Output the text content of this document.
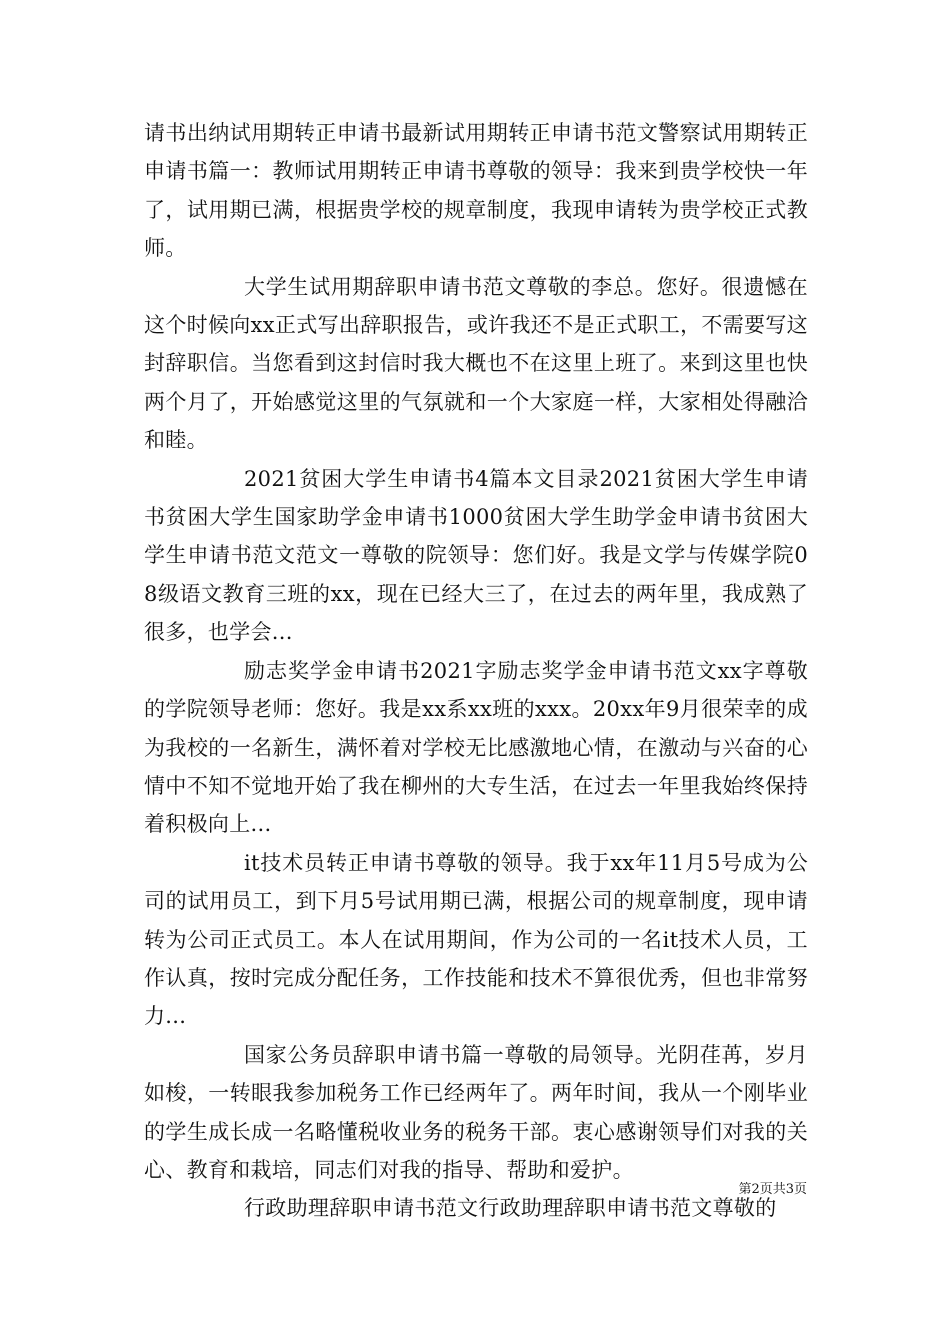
请书出纳试用期转正申请书最新试用期转正申请书范文警察试用期转正申请书篇一：教师试用期转正申请书尊敬的领导：我来到贵学校快一年了，试用期已满，根据贵学校的规章制度，我现申请转为贵学校正式教师。

大学生试用期辞职申请书范文尊敬的李总。您好。很遗憾在这个时候向xx正式写出辞职报告，或许我还不是正式职工，不需要写这封辞职信。当您看到这封信时我大概也不在这里上班了。来到这里也快两个月了，开始感觉这里的气氛就和一个大家庭一样，大家相处得融洽和睦。

2021贫困大学生申请书4篇本文目录2021贫困大学生申请书贫困大学生国家助学金申请书1000贫困大学生助学金申请书贫困大学生申请书范文范文一尊敬的院领导：您们好。我是文学与传媒学院08级语文教育三班的xx，现在已经大三了，在过去的两年里，我成熟了很多，也学会...

励志奖学金申请书2021字励志奖学金申请书范文xx字尊敬的学院领导老师：您好。我是xx系xx班的xxx。20xx年9月很荣幸的成为我校的一名新生，满怀着对学校无比感激地心情，在激动与兴奋的心情中不知不觉地开始了我在柳州的大专生活，在过去一年里我始终保持着积极向上...

it技术员转正申请书尊敬的领导。我于xx年11月5号成为公司的试用员工，到下月5号试用期已满，根据公司的规章制度，现申请转为公司正式员工。本人在试用期间，作为公司的一名it技术人员，工作认真，按时完成分配任务，工作技能和技术不算很优秀，但也非常努力...

国家公务员辞职申请书篇一尊敬的局领导。光阴荏苒，岁月如梭，一转眼我参加税务工作已经两年了。两年时间，我从一个刚毕业的学生成长成一名略懂税收业务的税务干部。衷心感谢领导们对我的关心、教育和栽培，同志们对我的指导、帮助和爱护。

行政助理辞职申请书范文行政助理辞职申请书范文尊敬的

第2页共3页
